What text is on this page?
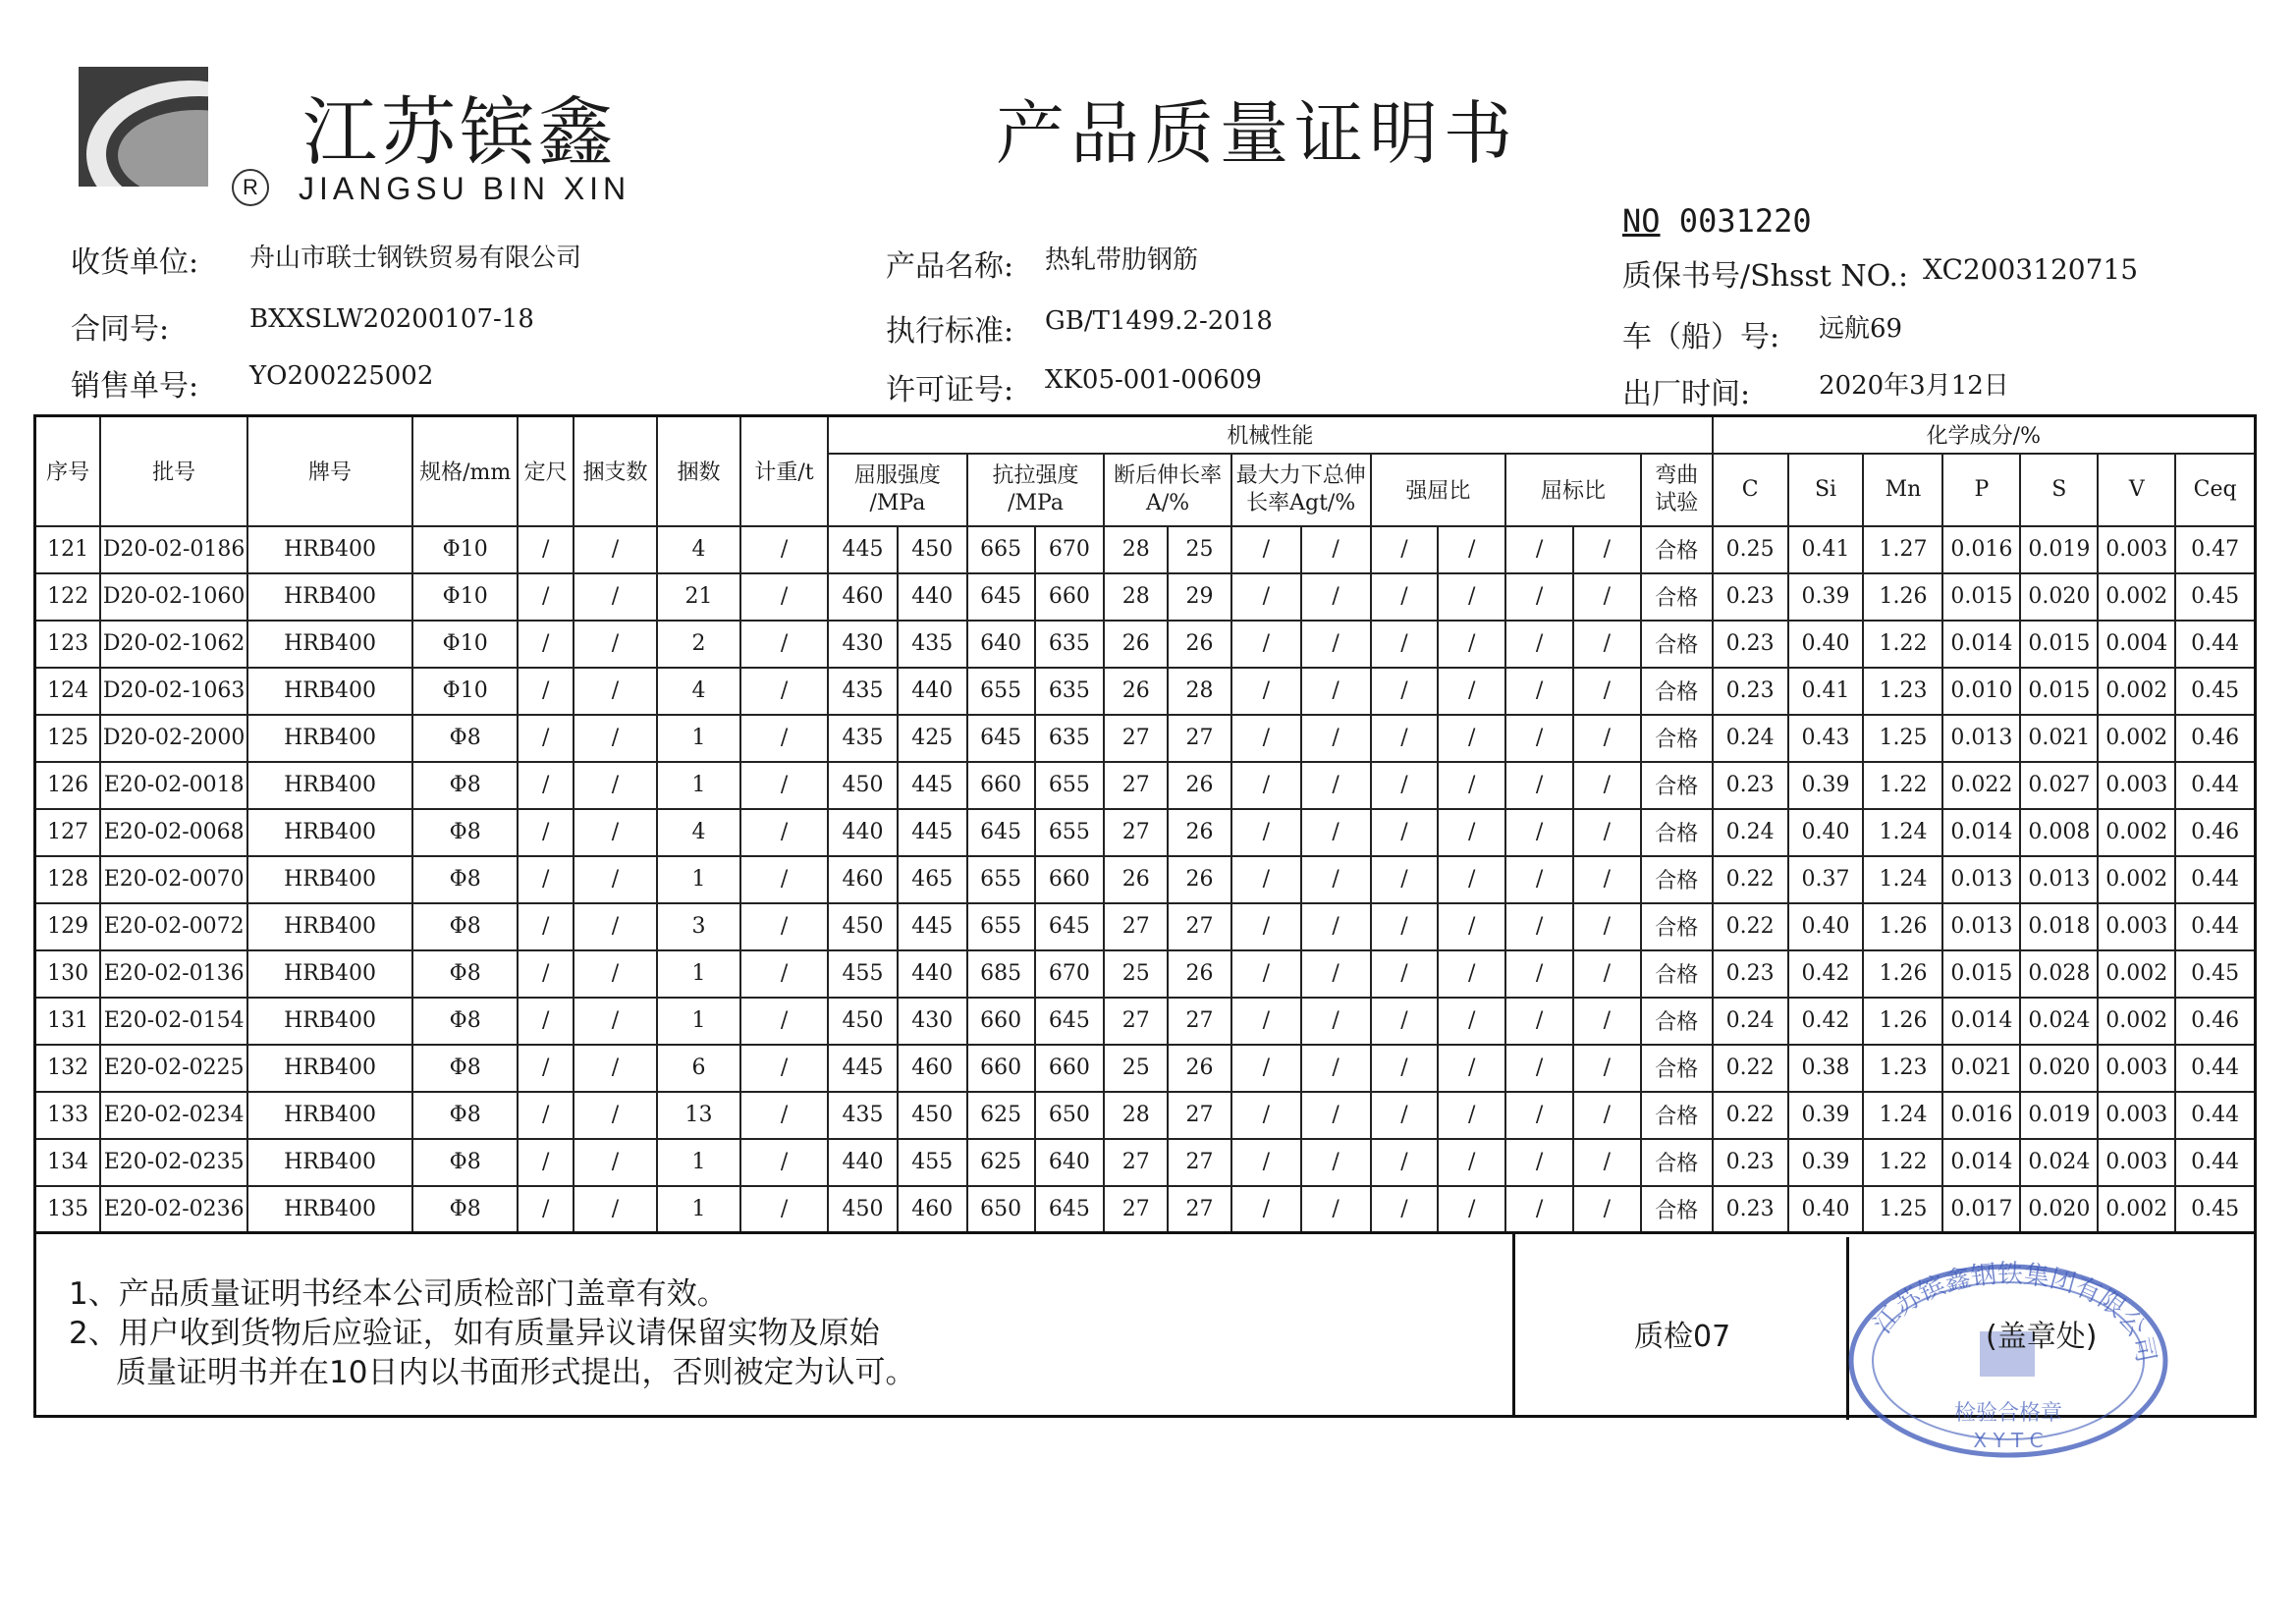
江苏镔鑫
R	JIANGSU BIN XIN
产品质量证明书
NO 0031220
收货单位: 舟山市联士钢铁贸易有限公司
合同号:	BXXSLW20200107-18
销售单号: YO200225002
产品名称: 热轧带肋钢筋
执行标准: GB/T1499.2-2018
许可证号: XK05-001-00609
质保书号/Shsst NO.: XC2003120715
车（船）号: 远航69
出厂时间:	2020年3月12日
序号	批号	牌号	规格/mm	定尺	捆支数	捆数	计重/t	机械性能													化学成分/%						
								屈服强度 /MPa		抗拉强度 /MPa		断后伸长率 A/%		最大力下总伸长率Agt/%		强屈比		屈标比		弯曲 试验	C	Si	Mn	P	S	V	Ceq
121	D20-02-0186	HRB400	Φ10	/	/	4	/	445	450	665	670	28	25	/	/	/	/	/	/	合格	0.25	0.41	1.27	0.016	0.019	0.003	0.47
122	D20-02-1060	HRB400	Φ10	/	/	21	/	460	440	645	660	28	29	/	/	/	/	/	/	合格	0.23	0.39	1.26	0.015	0.020	0.002	0.45
123	D20-02-1062	HRB400	Φ10	/	/	2	/	430	435	640	635	26	26	/	/	/	/	/	/	合格	0.23	0.40	1.22	0.014	0.015	0.004	0.44
124	D20-02-1063	HRB400	Φ10	/	/	4	/	435	440	655	635	26	28	/	/	/	/	/	/	合格	0.23	0.41	1.23	0.010	0.015	0.002	0.45
125	D20-02-2000	HRB400	Φ8	/	/	1	/	435	425	645	635	27	27	/	/	/	/	/	/	合格	0.24	0.43	1.25	0.013	0.021	0.002	0.46
126	E20-02-0018	HRB400	Φ8	/	/	1	/	450	445	660	655	27	26	/	/	/	/	/	/	合格	0.23	0.39	1.22	0.022	0.027	0.003	0.44
127	E20-02-0068	HRB400	Φ8	/	/	4	/	440	445	645	655	27	26	/	/	/	/	/	/	合格	0.24	0.40	1.24	0.014	0.008	0.002	0.46
128	E20-02-0070	HRB400	Φ8	/	/	1	/	460	465	655	660	26	26	/	/	/	/	/	/	合格	0.22	0.37	1.24	0.013	0.013	0.002	0.44
129	E20-02-0072	HRB400	Φ8	/	/	3	/	450	445	655	645	27	27	/	/	/	/	/	/	合格	0.22	0.40	1.26	0.013	0.018	0.003	0.44
130	E20-02-0136	HRB400	Φ8	/	/	1	/	455	440	685	670	25	26	/	/	/	/	/	/	合格	0.23	0.42	1.26	0.015	0.028	0.002	0.45
131	E20-02-0154	HRB400	Φ8	/	/	1	/	450	430	660	645	27	27	/	/	/	/	/	/	合格	0.24	0.42	1.26	0.014	0.024	0.002	0.46
132	E20-02-0225	HRB400	Φ8	/	/	6	/	445	460	660	660	25	26	/	/	/	/	/	/	合格	0.22	0.38	1.23	0.021	0.020	0.003	0.44
133	E20-02-0234	HRB400	Φ8	/	/	13	/	435	450	625	650	28	27	/	/	/	/	/	/	合格	0.22	0.39	1.24	0.016	0.019	0.003	0.44
134	E20-02-0235	HRB400	Φ8	/	/	1	/	440	455	625	640	27	27	/	/	/	/	/	/	合格	0.23	0.39	1.22	0.014	0.024	0.003	0.44
135	E20-02-0236	HRB400	Φ8	/	/	1	/	450	460	650	645	27	27	/	/	/	/	/	/	合格	0.23	0.40	1.25	0.017	0.020	0.002	0.45
1、产品质量证明书经本公司质检部门盖章有效。
2、用户收到货物后应验证，如有质量异议请保留实物及原始
质量证明书并在10日内以书面形式提出，否则被定为认可。
质检07	江苏镔鑫钢铁集团有限公司
检验合格章
X Y T C
(盖章处)
